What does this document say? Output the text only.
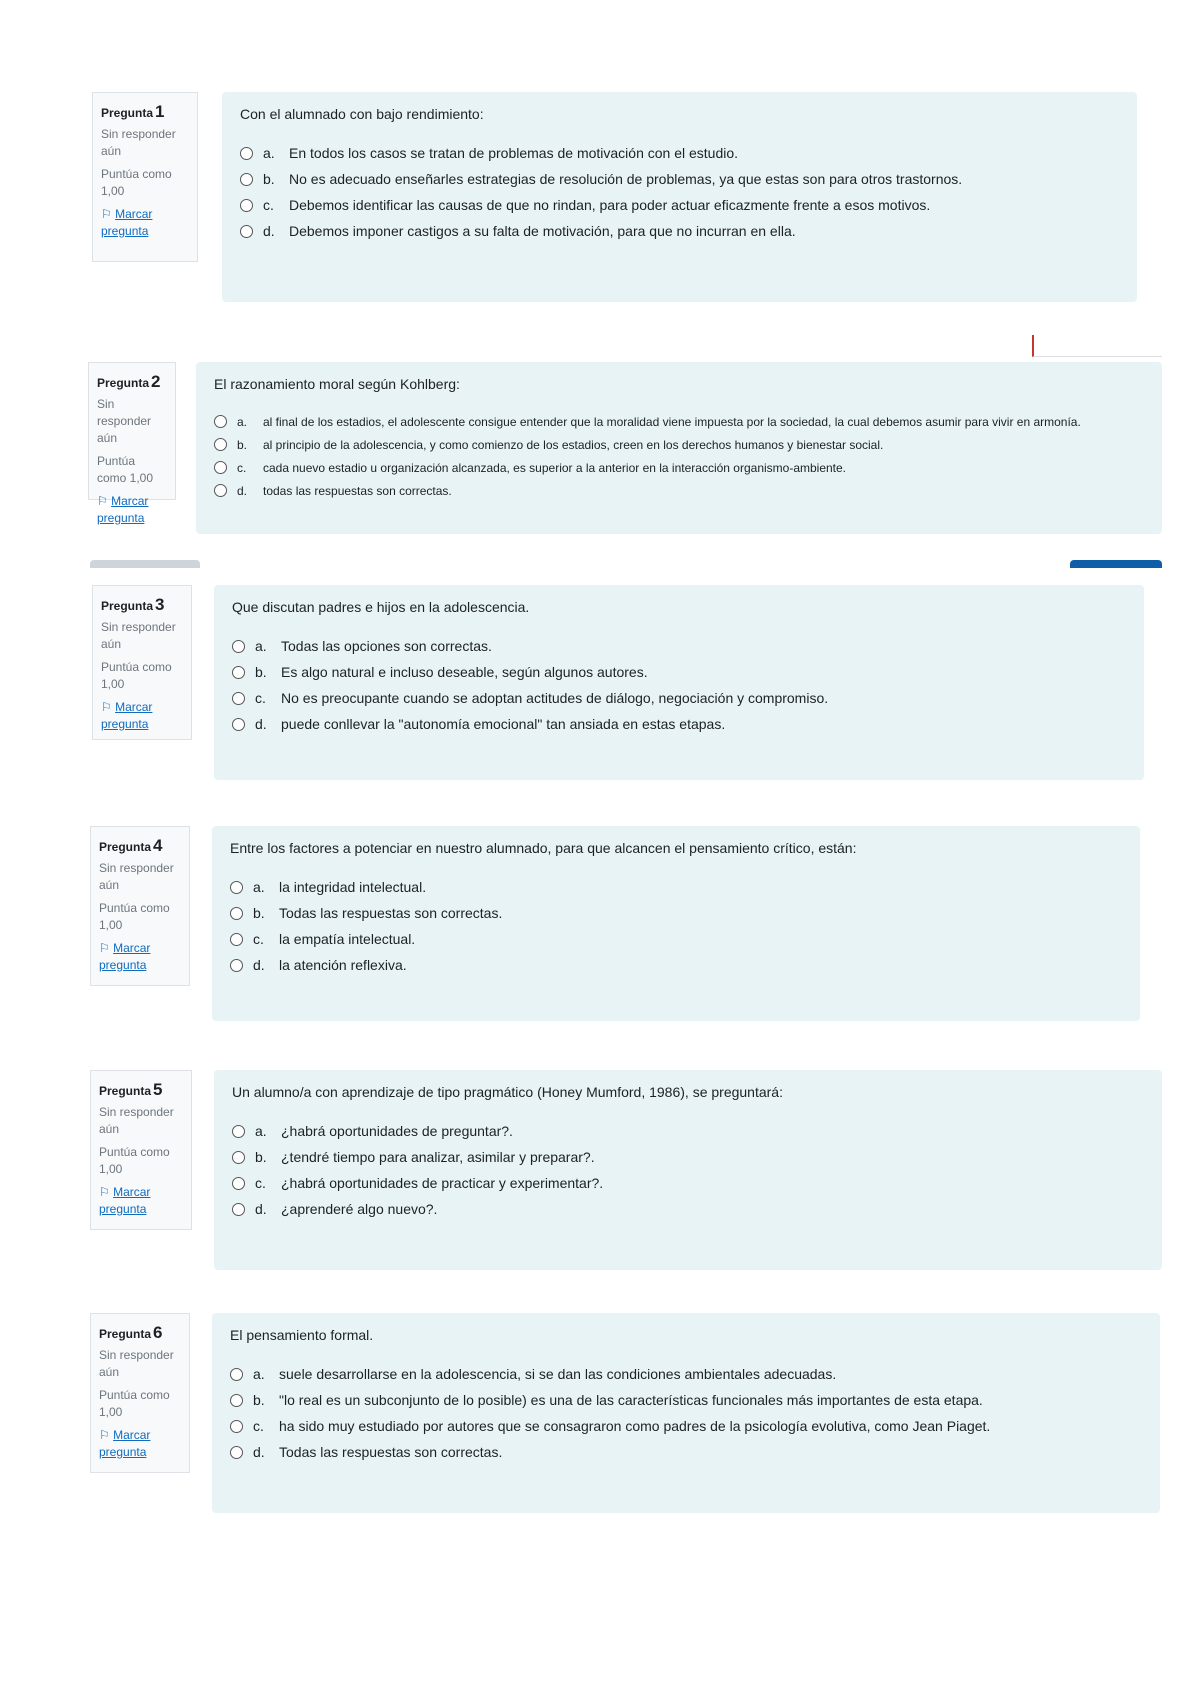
Pregunta 1
Sin responder aún
Puntúa como 1,00
⚐ Marcar pregunta

Con el alumnado con bajo rendimiento:

a.	En todos los casos se tratan de problemas de motivación con el estudio.
b.	No es adecuado enseñarles estrategias de resolución de problemas, ya que estas son para otros trastornos.
c.	Debemos identificar las causas de que no rindan, para poder actuar eficazmente frente a esos motivos.
d.	Debemos imponer castigos a su falta de motivación, para que no incurran en ella.
Pregunta 2
Sin responder aún
Puntúa como 1,00
⚐ Marcar pregunta

El razonamiento moral según Kohlberg:

a.	al final de los estadios, el adolescente consigue entender que la moralidad viene impuesta por la sociedad, la cual debemos asumir para vivir en armonía.
b.	al principio de la adolescencia, y como comienzo de los estadios, creen en los derechos humanos y bienestar social.
c.	cada nuevo estadio u organización alcanzada, es superior a la anterior en la interacción organismo-ambiente.
d.	todas las respuestas son correctas.
Pregunta 3
Sin responder aún
Puntúa como 1,00
⚐ Marcar pregunta

Que discutan padres e hijos en la adolescencia.

a.	Todas las opciones son correctas.
b.	Es algo natural e incluso deseable, según algunos autores.
c.	No es preocupante cuando se adoptan actitudes de diálogo, negociación y compromiso.
d.	puede conllevar la "autonomía emocional" tan ansiada en estas etapas.
Pregunta 4
Sin responder aún
Puntúa como 1,00
⚐ Marcar pregunta

Entre los factores a potenciar en nuestro alumnado, para que alcancen el pensamiento crítico, están:

a.	la integridad intelectual.
b.	Todas las respuestas son correctas.
c.	la empatía intelectual.
d.	la atención reflexiva.
Pregunta 5
Sin responder aún
Puntúa como 1,00
⚐ Marcar pregunta

Un alumno/a con aprendizaje de tipo pragmático (Honey Mumford, 1986), se preguntará:

a.	¿habrá oportunidades de preguntar?.
b.	¿tendré tiempo para analizar, asimilar y preparar?.
c.	¿habrá oportunidades de practicar y experimentar?.
d.	¿aprenderé algo nuevo?.
Pregunta 6
Sin responder aún
Puntúa como 1,00
⚐ Marcar pregunta

El pensamiento formal.

a.	suele desarrollarse en la adolescencia, si se dan las condiciones ambientales adecuadas.
b.	"lo real es un subconjunto de lo posible) es una de las características funcionales más importantes de esta etapa.
c.	ha sido muy estudiado por autores que se consagraron como padres de la psicología evolutiva, como Jean Piaget.
d.	Todas las respuestas son correctas.
